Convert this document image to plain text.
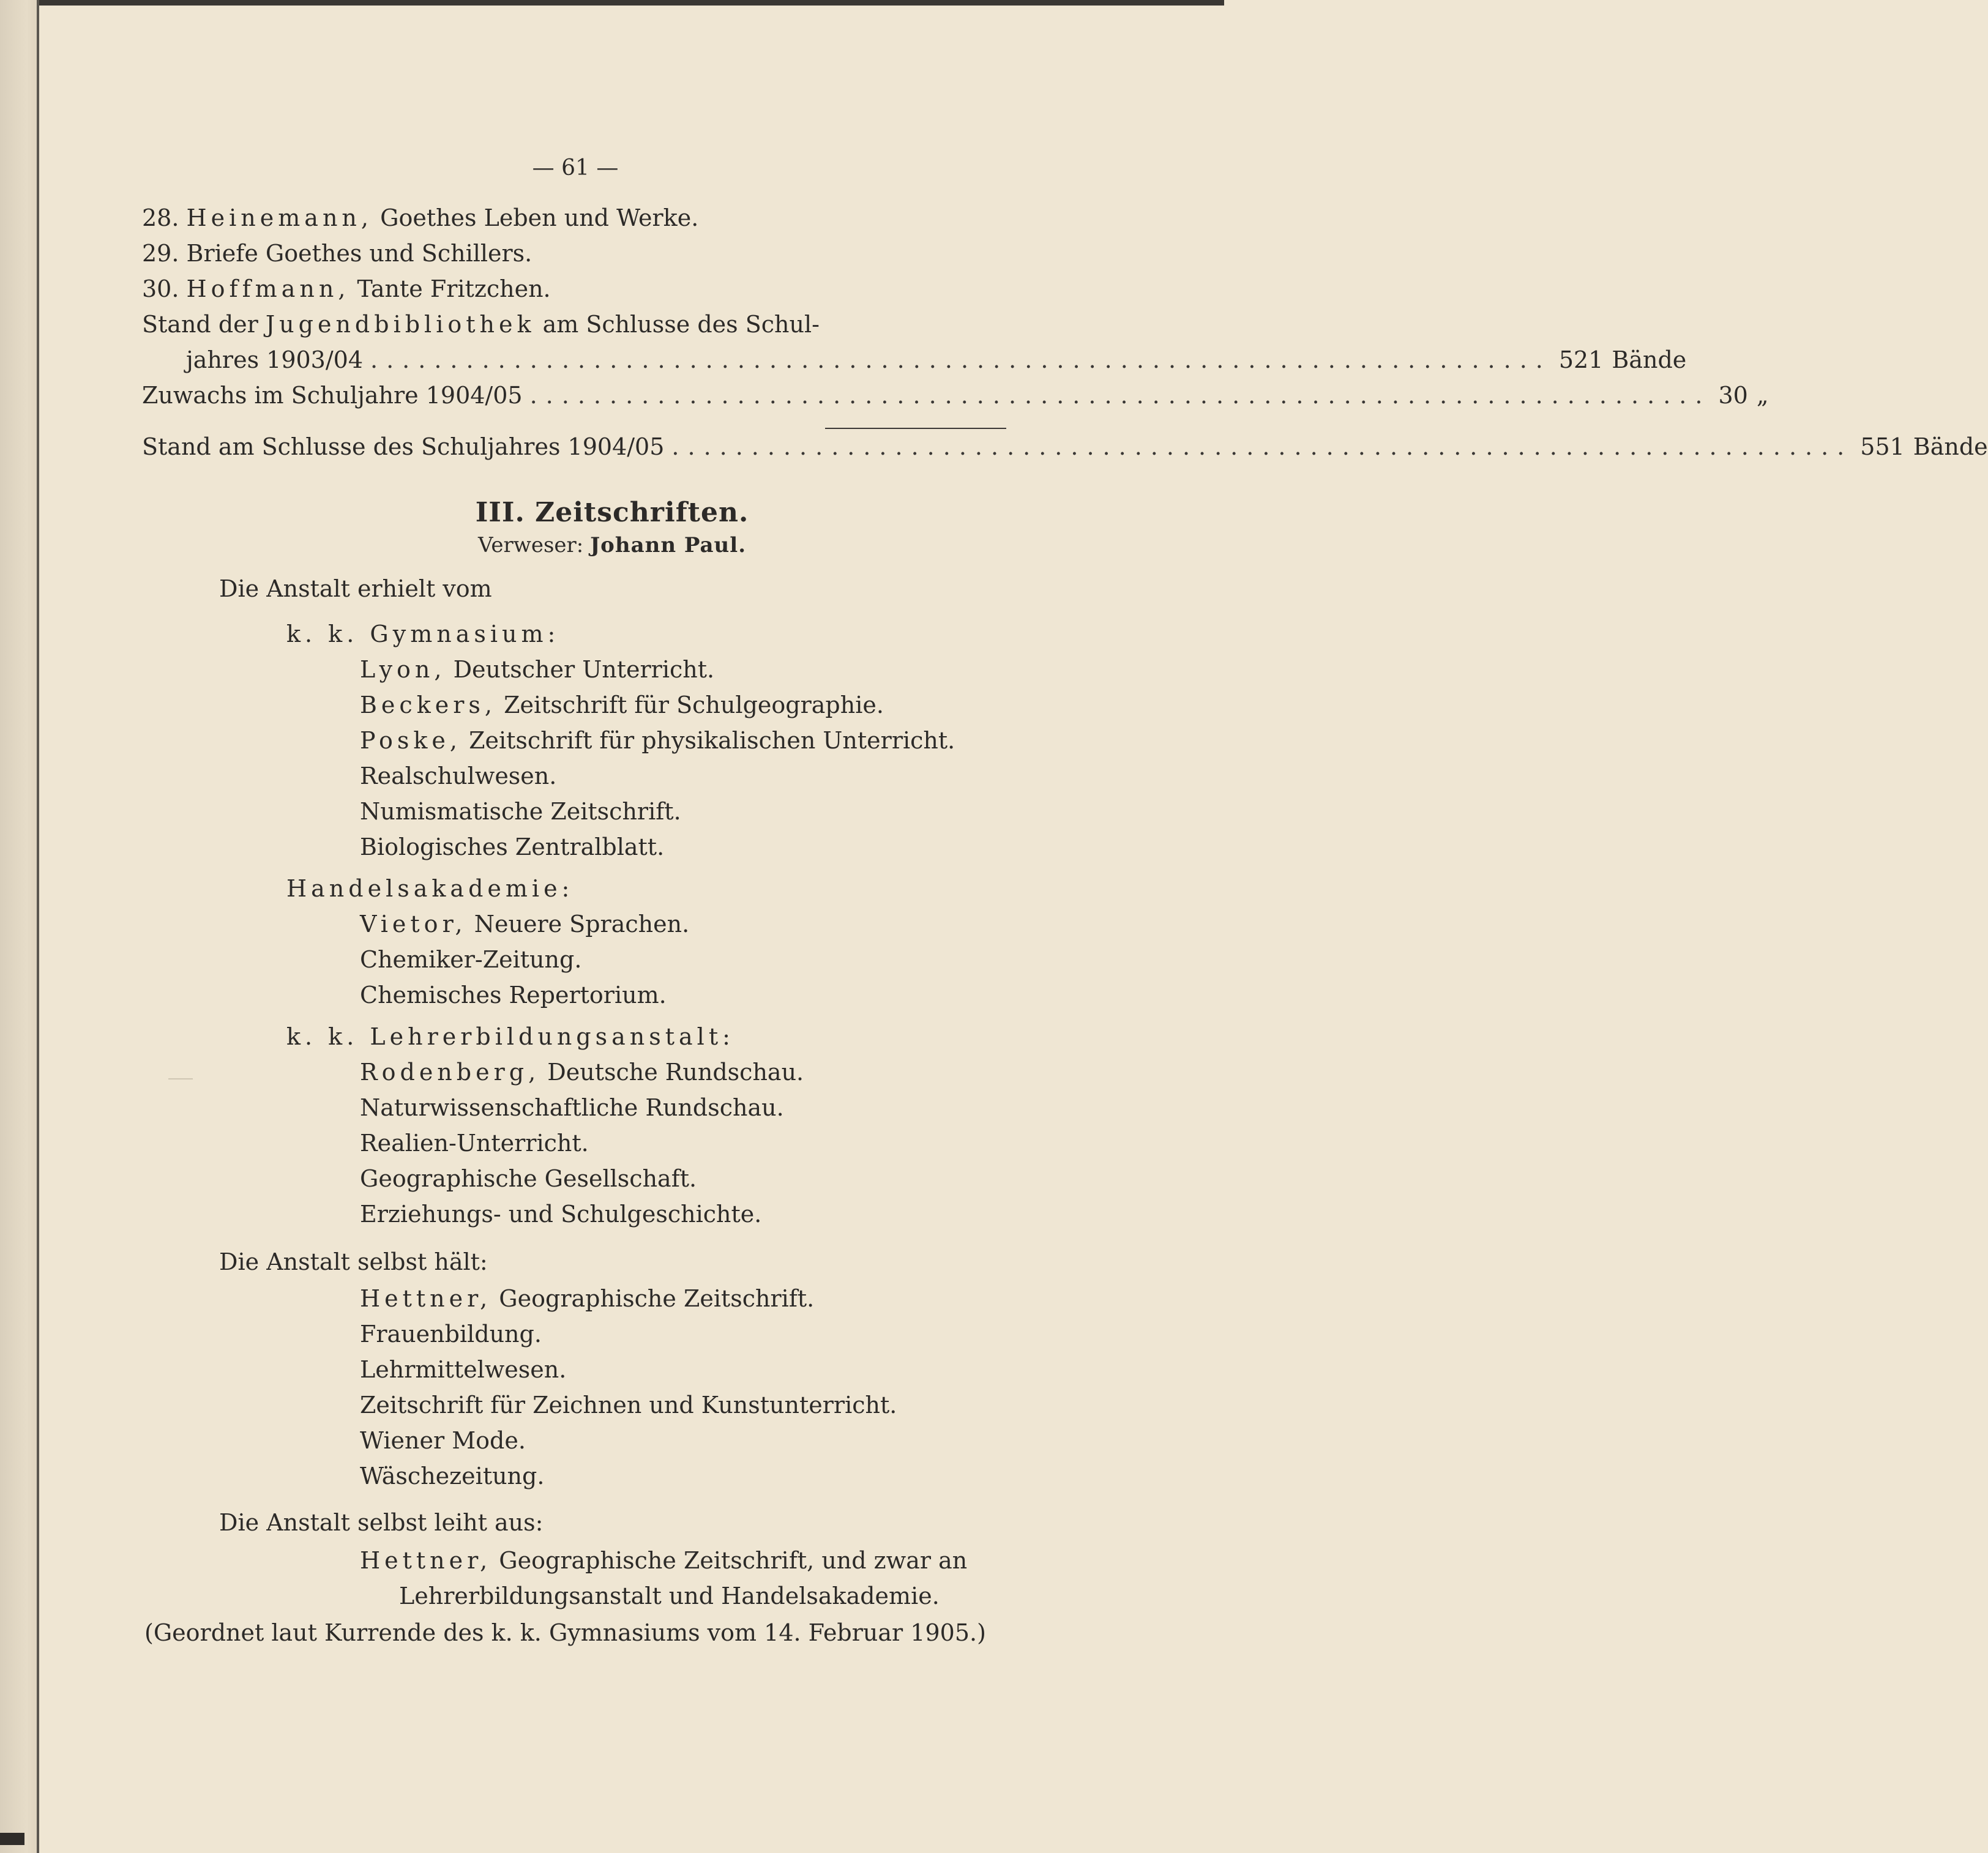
— 61 —
28. Heinemann, Goethes Leben und Werke.
29. Briefe Goethes und Schillers.
30. Hoffmann, Tante Fritzchen.
Stand der Jugendbibliothek am Schlusse des Schul-
jahres 1903/04 .......................................................................... 521 Bände
Zuwachs im Schuljahre 1904/05 .......................................................................... 30 „
Stand am Schlusse des Schuljahres 1904/05 .......................................................................... 551 Bände
III. Zeitschriften.
Verweser: Johann Paul.
Die Anstalt erhielt vom
k. k. Gymnasium:
Lyon, Deutscher Unterricht.
Beckers, Zeitschrift für Schulgeographie.
Poske, Zeitschrift für physikalischen Unterricht.
Realschulwesen.
Numismatische Zeitschrift.
Biologisches Zentralblatt.
Handelsakademie:
Vietor, Neuere Sprachen.
Chemiker-Zeitung.
Chemisches Repertorium.
k. k. Lehrerbildungsanstalt:
Rodenberg, Deutsche Rundschau.
Naturwissenschaftliche Rundschau.
Realien-Unterricht.
Geographische Gesellschaft.
Erziehungs- und Schulgeschichte.
Die Anstalt selbst hält:
Hettner, Geographische Zeitschrift.
Frauenbildung.
Lehrmittelwesen.
Zeitschrift für Zeichnen und Kunstunterricht.
Wiener Mode.
Wäschezeitung.
Die Anstalt selbst leiht aus:
Hettner, Geographische Zeitschrift, und zwar an
Lehrerbildungsanstalt und Handelsakademie.
(Geordnet laut Kurrende des k. k. Gymnasiums vom 14. Februar 1905.)
